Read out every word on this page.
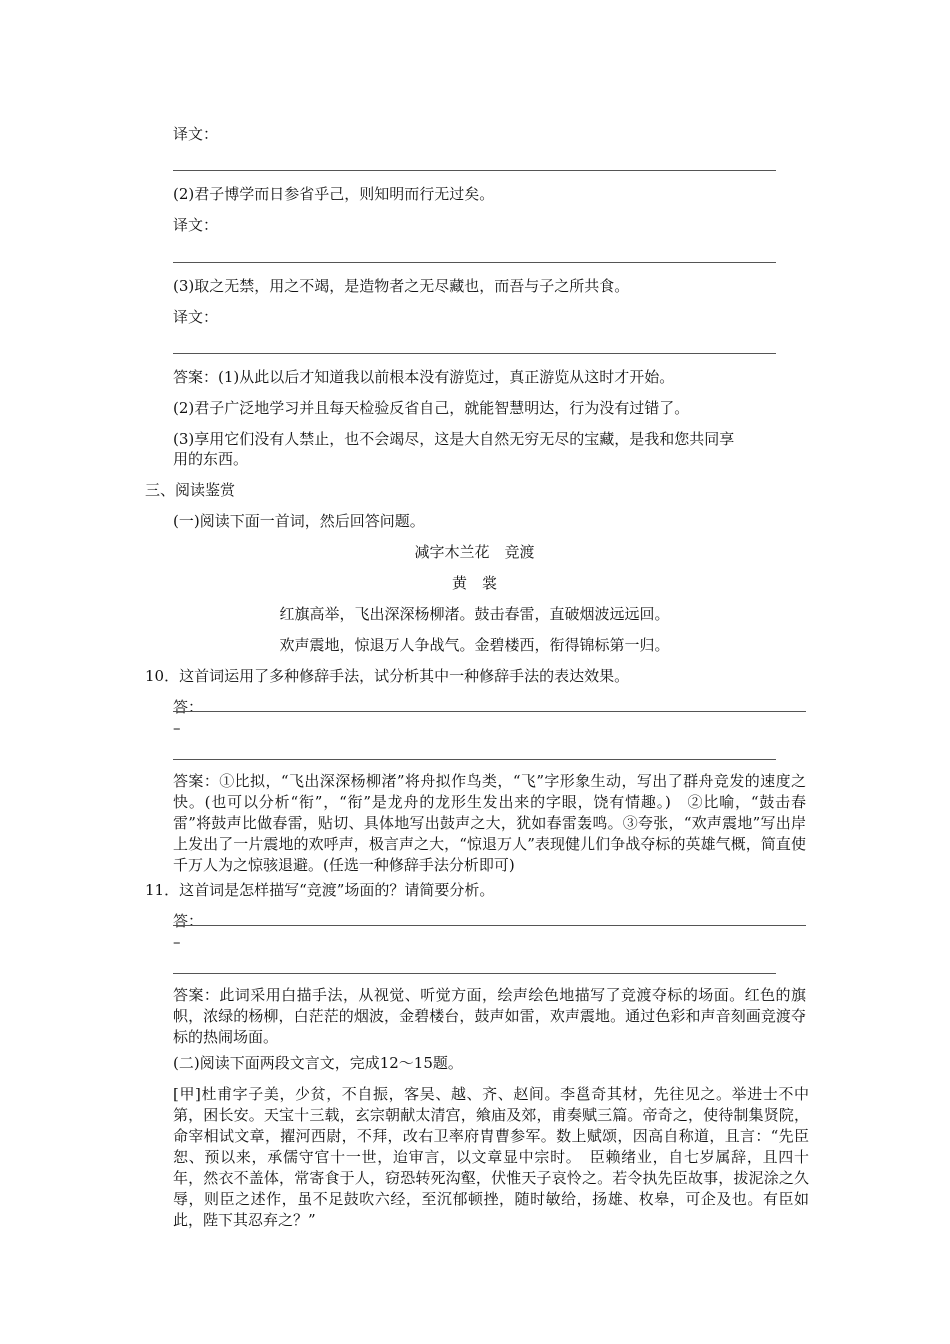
译文：
(2)君子博学而日参省乎己，则知明而行无过矣。
译文：
(3)取之无禁，用之不竭，是造物者之无尽藏也，而吾与子之所共食。
译文：
答案：(1)从此以后才知道我以前根本没有游览过，真正游览从这时才开始。
(2)君子广泛地学习并且每天检验反省自己，就能智慧明达，行为没有过错了。
(3)享用它们没有人禁止，也不会竭尽，这是大自然无穷无尽的宝藏，是我和您共同享
用的东西。
三、阅读鉴赏
(一)阅读下面一首词，然后回答问题。
减字木兰花　竞渡
黄　裳
红旗高举，飞出深深杨柳渚。鼓击春雷，直破烟波远远回。
欢声震地，惊退万人争战气。金碧楼西，衔得锦标第一归。
10．这首词运用了多种修辞手法，试分析其中一种修辞手法的表达效果。
答：
–
答案：①比拟，“飞出深深杨柳渚”将舟拟作鸟类，“飞”字形象生动，写出了群舟竞发的速度之快。(也可以分析“衔”，“衔”是龙舟的龙形生发出来的字眼，饶有情趣。)　②比喻，“鼓击春雷”将鼓声比做春雷，贴切、具体地写出鼓声之大，犹如春雷轰鸣。③夸张，“欢声震地”写出岸上发出了一片震地的欢呼声，极言声之大，“惊退万人”表现健儿们争战夺标的英雄气概，简直使千万人为之惊骇退避。(任选一种修辞手法分析即可)
11．这首词是怎样描写“竞渡”场面的？请简要分析。
答：
–
答案：此词采用白描手法，从视觉、听觉方面，绘声绘色地描写了竞渡夺标的场面。红色的旗帜，浓绿的杨柳，白茫茫的烟波，金碧楼台，鼓声如雷，欢声震地。通过色彩和声音刻画竞渡夺标的热闹场面。
(二)阅读下面两段文言文，完成12～15题。
[甲]杜甫字子美，少贫，不自振，客吴、越、齐、赵间。李邕奇其材，先往见之。举进士不中第，困长安。天宝十三载，玄宗朝献太清宫，飨庙及郊，甫奏赋三篇。帝奇之，使待制集贤院，命宰相试文章，擢河西尉，不拜，改右卫率府胄曹参军。数上赋颂，因高自称道，且言：“先臣恕、预以来，承儒守官十一世，迨审言，以文章显中宗时。　臣赖绪业，自七岁属辞，且四十年，然衣不盖体，常寄食于人，窃恐转死沟壑，伏惟天子哀怜之。若令执先臣故事，拔泥涂之久辱，则臣之述作，虽不足鼓吹六经，至沉郁顿挫，随时敏给，扬雄、枚皋，可企及也。有臣如此，陛下其忍弃之？”
